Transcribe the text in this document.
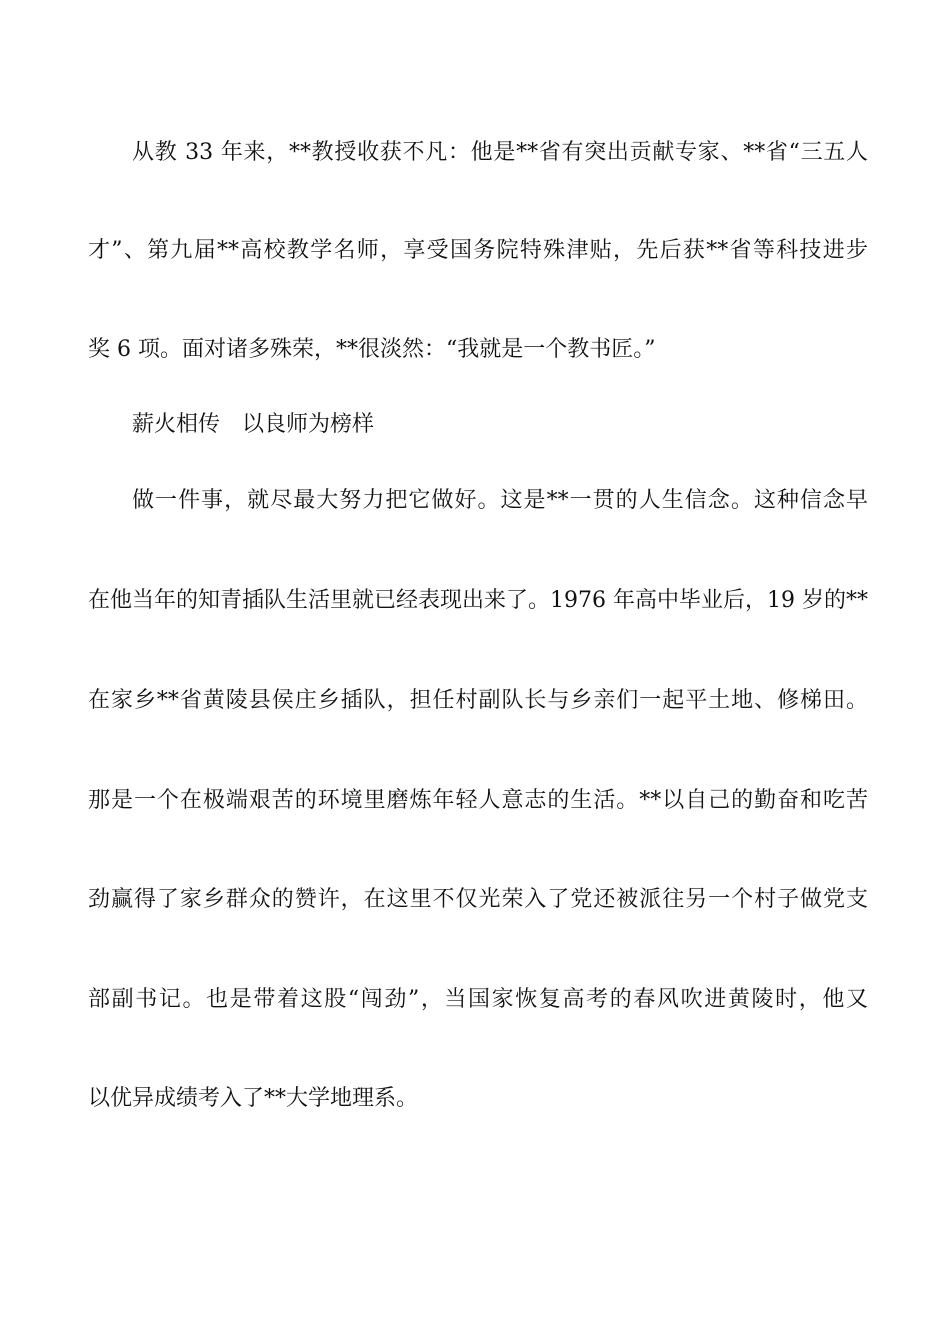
从教 33 年来，**教授收获不凡：他是**省有突出贡献专家、**省“三五人
才”、第九届**高校教学名师，享受国务院特殊津贴，先后获**省等科技进步
奖 6 项。面对诸多殊荣，**很淡然：“我就是一个教书匠。”
薪火相传　以良师为榜样
做一件事，就尽最大努力把它做好。这是**一贯的人生信念。这种信念早
在他当年的知青插队生活里就已经表现出来了。1976 年高中毕业后，19 岁的**
在家乡**省黄陵县侯庄乡插队，担任村副队长与乡亲们一起平土地、修梯田。
那是一个在极端艰苦的环境里磨炼年轻人意志的生活。**以自己的勤奋和吃苦
劲赢得了家乡群众的赞许，在这里不仅光荣入了党还被派往另一个村子做党支
部副书记。也是带着这股“闯劲”，当国家恢复高考的春风吹进黄陵时，他又
以优异成绩考入了**大学地理系。
